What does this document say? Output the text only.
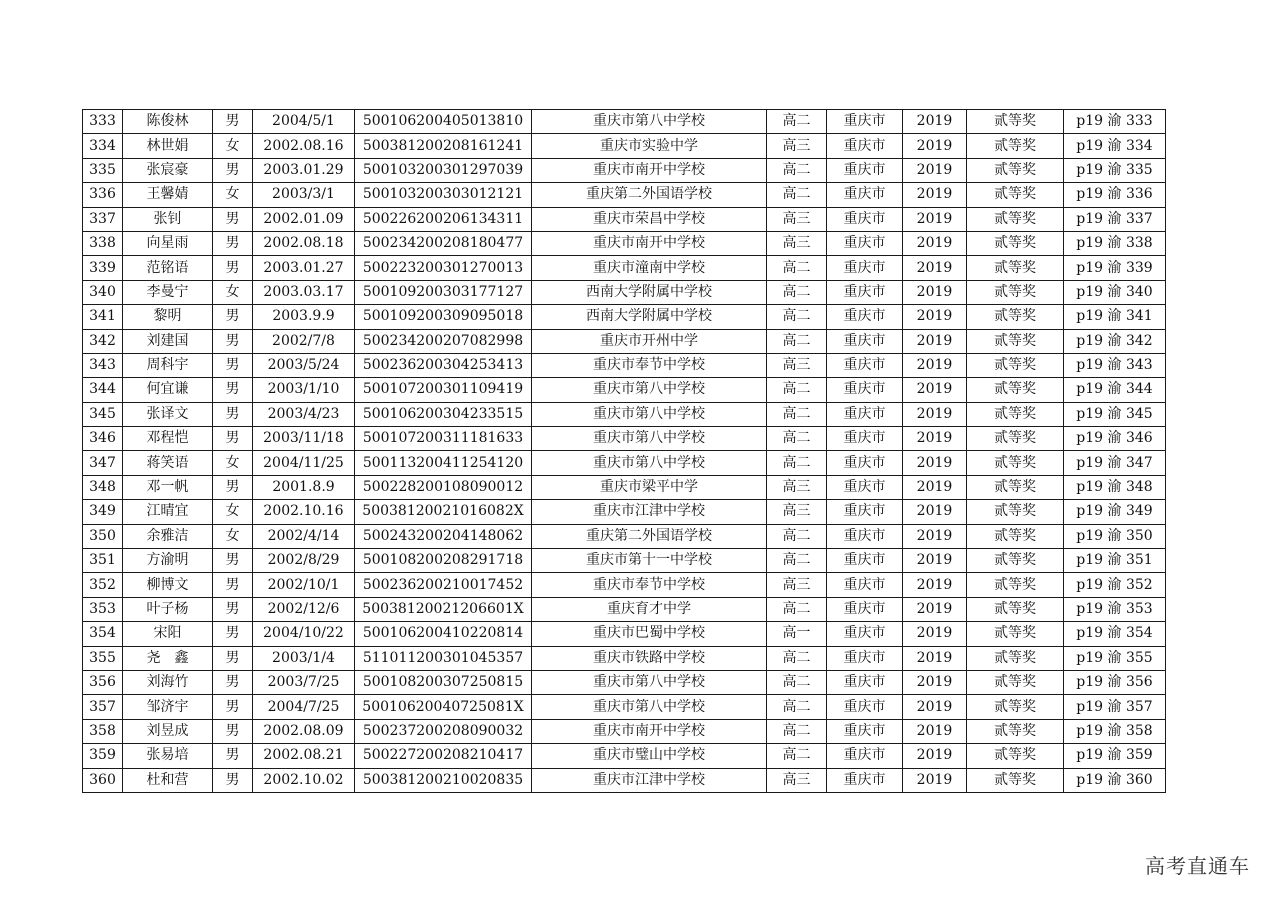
333	陈俊林	男	2004/5/1	500106200405013810	重庆市第八中学校	高二	重庆市	2019	贰等奖	p19 渝 333
334	林世娟	女	2002.08.16	500381200208161241	重庆市实验中学	高三	重庆市	2019	贰等奖	p19 渝 334
335	张宸豪	男	2003.01.29	500103200301297039	重庆市南开中学校	高二	重庆市	2019	贰等奖	p19 渝 335
336	王馨婧	女	2003/3/1	500103200303012121	重庆第二外国语学校	高二	重庆市	2019	贰等奖	p19 渝 336
337	张钊	男	2002.01.09	500226200206134311	重庆市荣昌中学校	高三	重庆市	2019	贰等奖	p19 渝 337
338	向星雨	男	2002.08.18	500234200208180477	重庆市南开中学校	高三	重庆市	2019	贰等奖	p19 渝 338
339	范铭语	男	2003.01.27	500223200301270013	重庆市潼南中学校	高二	重庆市	2019	贰等奖	p19 渝 339
340	李曼宁	女	2003.03.17	500109200303177127	西南大学附属中学校	高二	重庆市	2019	贰等奖	p19 渝 340
341	黎明	男	2003.9.9	500109200309095018	西南大学附属中学校	高二	重庆市	2019	贰等奖	p19 渝 341
342	刘建国	男	2002/7/8	500234200207082998	重庆市开州中学	高二	重庆市	2019	贰等奖	p19 渝 342
343	周科宇	男	2003/5/24	500236200304253413	重庆市奉节中学校	高三	重庆市	2019	贰等奖	p19 渝 343
344	何宜谦	男	2003/1/10	500107200301109419	重庆市第八中学校	高二	重庆市	2019	贰等奖	p19 渝 344
345	张译文	男	2003/4/23	500106200304233515	重庆市第八中学校	高二	重庆市	2019	贰等奖	p19 渝 345
346	邓程恺	男	2003/11/18	500107200311181633	重庆市第八中学校	高二	重庆市	2019	贰等奖	p19 渝 346
347	蒋笑语	女	2004/11/25	500113200411254120	重庆市第八中学校	高二	重庆市	2019	贰等奖	p19 渝 347
348	邓一帆	男	2001.8.9	500228200108090012	重庆市梁平中学	高三	重庆市	2019	贰等奖	p19 渝 348
349	江晴宜	女	2002.10.16	50038120021016082X	重庆市江津中学校	高三	重庆市	2019	贰等奖	p19 渝 349
350	余雅洁	女	2002/4/14	500243200204148062	重庆第二外国语学校	高二	重庆市	2019	贰等奖	p19 渝 350
351	方渝明	男	2002/8/29	500108200208291718	重庆市第十一中学校	高二	重庆市	2019	贰等奖	p19 渝 351
352	柳博文	男	2002/10/1	500236200210017452	重庆市奉节中学校	高三	重庆市	2019	贰等奖	p19 渝 352
353	叶子杨	男	2002/12/6	50038120021206601X	重庆育才中学	高二	重庆市	2019	贰等奖	p19 渝 353
354	宋阳	男	2004/10/22	500106200410220814	重庆市巴蜀中学校	高一	重庆市	2019	贰等奖	p19 渝 354
355	尧　鑫	男	2003/1/4	511011200301045357	重庆市铁路中学校	高二	重庆市	2019	贰等奖	p19 渝 355
356	刘海竹	男	2003/7/25	500108200307250815	重庆市第八中学校	高二	重庆市	2019	贰等奖	p19 渝 356
357	邹济宇	男	2004/7/25	50010620040725081X	重庆市第八中学校	高二	重庆市	2019	贰等奖	p19 渝 357
358	刘昱成	男	2002.08.09	500237200208090032	重庆市南开中学校	高二	重庆市	2019	贰等奖	p19 渝 358
359	张易培	男	2002.08.21	500227200208210417	重庆市璧山中学校	高二	重庆市	2019	贰等奖	p19 渝 359
360	杜和营	男	2002.10.02	500381200210020835	重庆市江津中学校	高三	重庆市	2019	贰等奖	p19 渝 360
高考直通车
